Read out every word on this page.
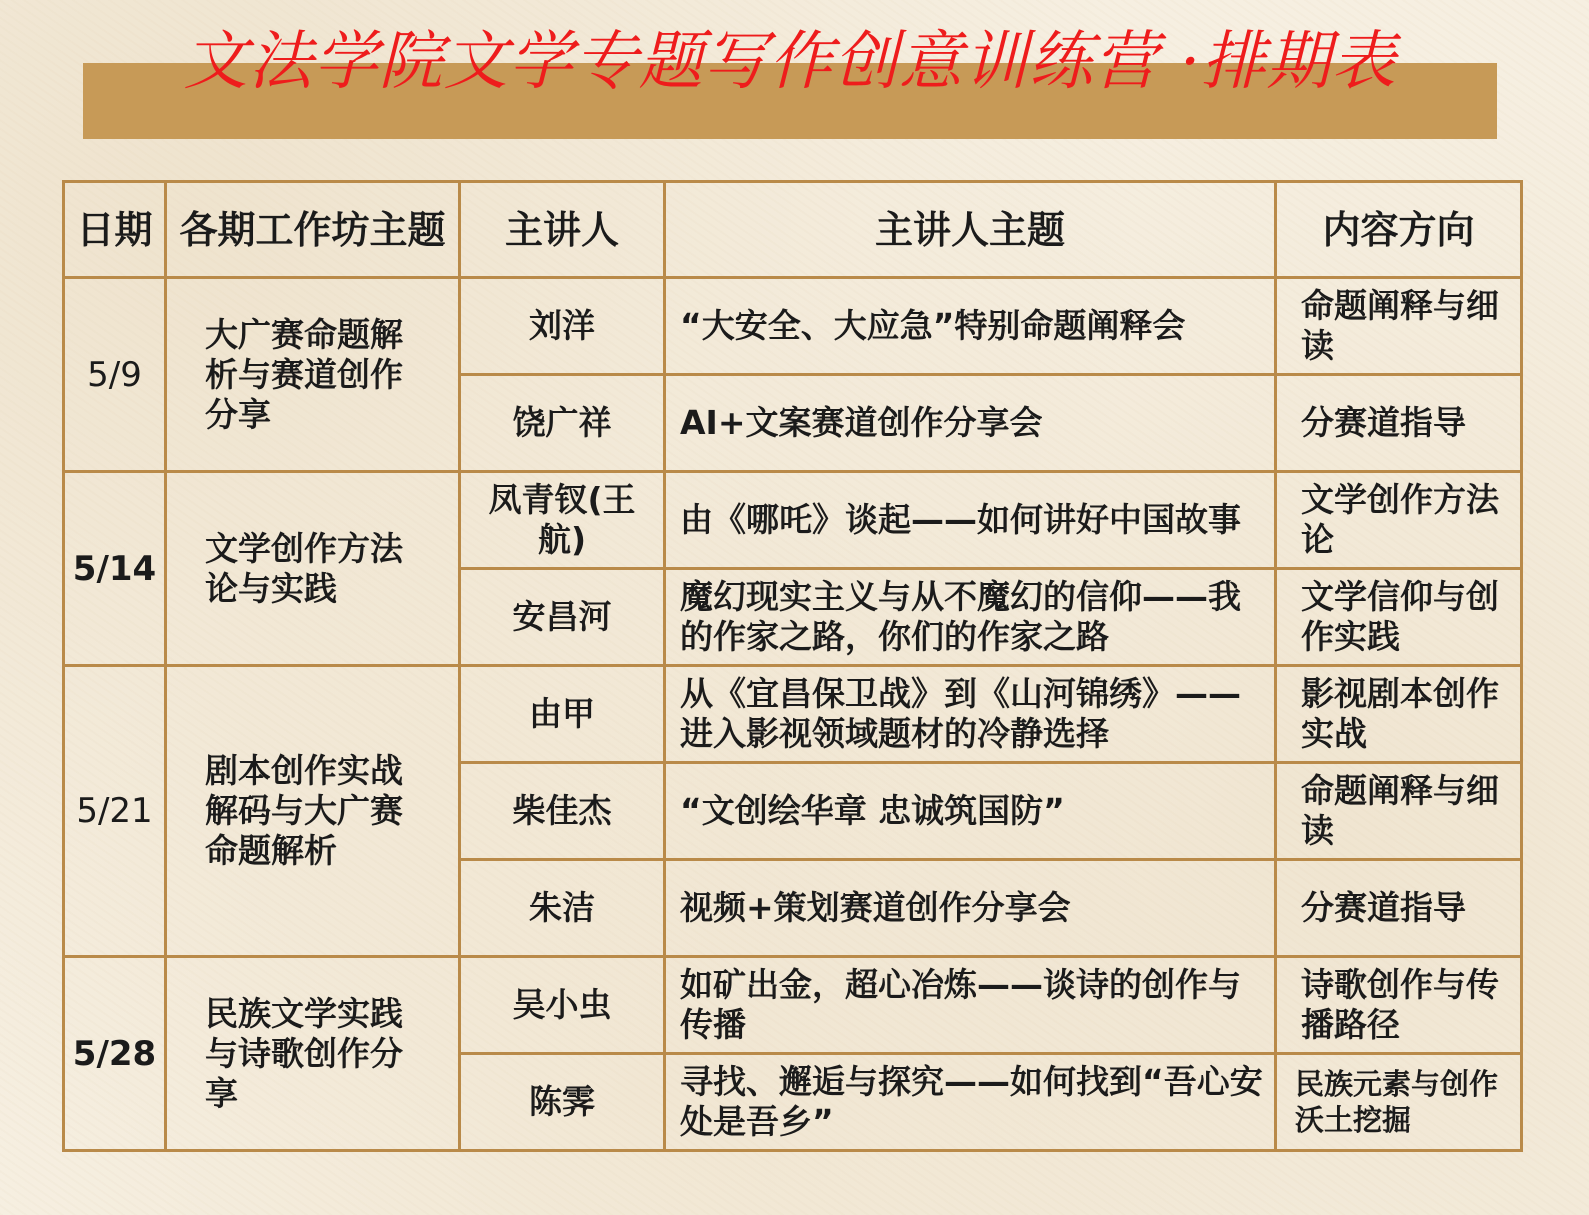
文法学院文学专题写作创意训练营 ·排期表
日期	各期工作坊主题	主讲人	主讲人主题	内容方向
5/9	大广赛命题解析与赛道创作分享	刘洋	“大安全、大应急”特别命题阐释会	命题阐释与细读
		饶广祥	AI+文案赛道创作分享会	分赛道指导
5/14	文学创作方法论与实践	凤青钗(王航)	由《哪吒》谈起——如何讲好中国故事	文学创作方法论
		安昌河	魔幻现实主义与从不魔幻的信仰——我的作家之路，你们的作家之路	文学信仰与创作实践
5/21	剧本创作实战解码与大广赛命题解析	由甲	从《宜昌保卫战》到《山河锦绣》——进入影视领域题材的冷静选择	影视剧本创作实战
		柴佳杰	“文创绘华章 忠诚筑国防”	命题阐释与细读
		朱洁	视频+策划赛道创作分享会	分赛道指导
5/28	民族文学实践与诗歌创作分享	吴小虫	如矿出金，超心冶炼——谈诗的创作与传播	诗歌创作与传播路径
		陈霁	寻找、邂逅与探究——如何找到“吾心安处是吾乡”	民族元素与创作沃土挖掘
